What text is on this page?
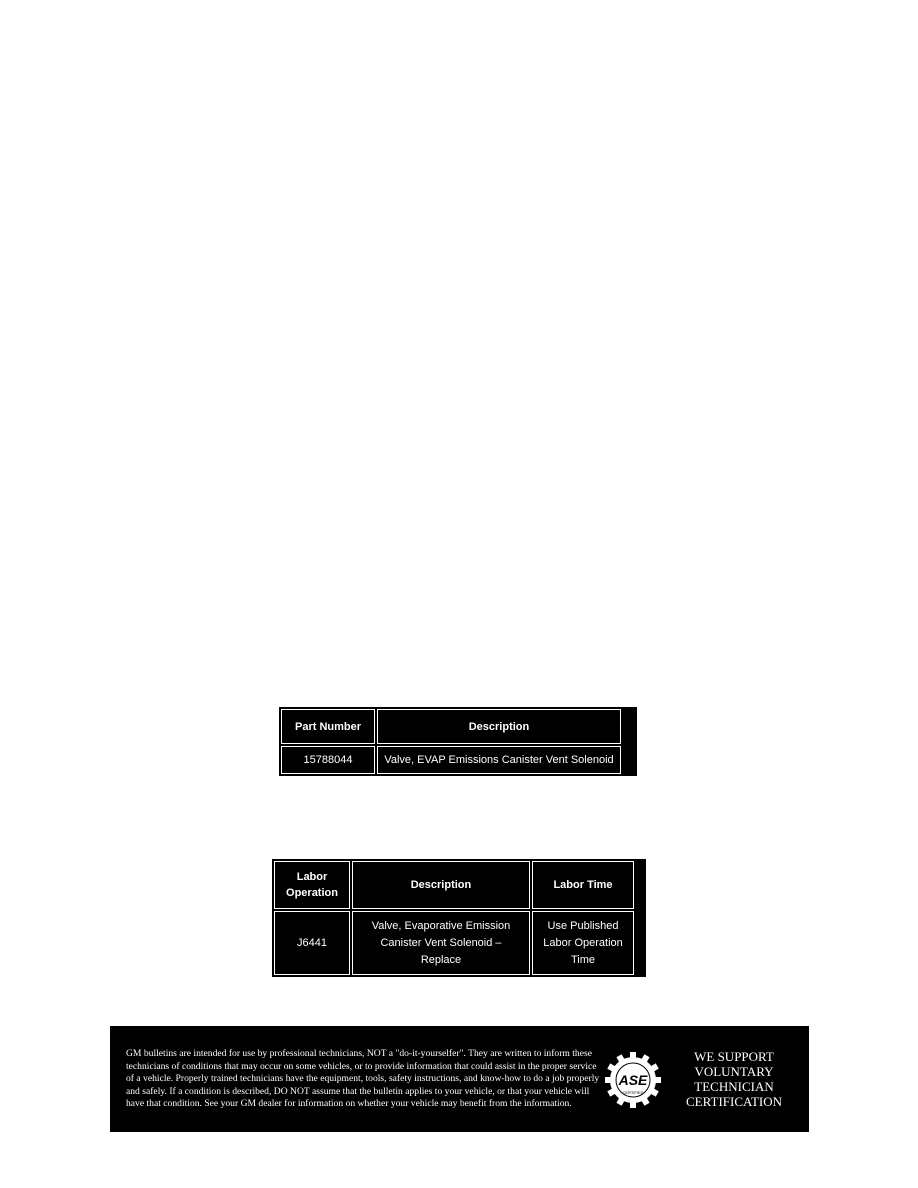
Part Number	Description
15788044	Valve, EVAP Emissions Canister Vent Solenoid
Labor Operation	Description	Labor Time
J6441	Valve, Evaporative Emission Canister Vent Solenoid – Replace	Use Published Labor Operation Time
GM bulletins are intended for use by professional technicians, NOT a "do-it-yourselfer". They are written to inform these technicians of conditions that may occur on some vehicles, or to provide information that could assist in the proper service of a vehicle. Properly trained technicians have the equipment, tools, safety instructions, and know-how to do a job properly and safely. If a condition is described, DO NOT assume that the bulletin applies to your vehicle, or that your vehicle will have that condition. See your GM dealer for information on whether your vehicle may benefit from the information.
ASE
CERTIFIED
WE SUPPORT
VOLUNTARY
TECHNICIAN
CERTIFICATION
